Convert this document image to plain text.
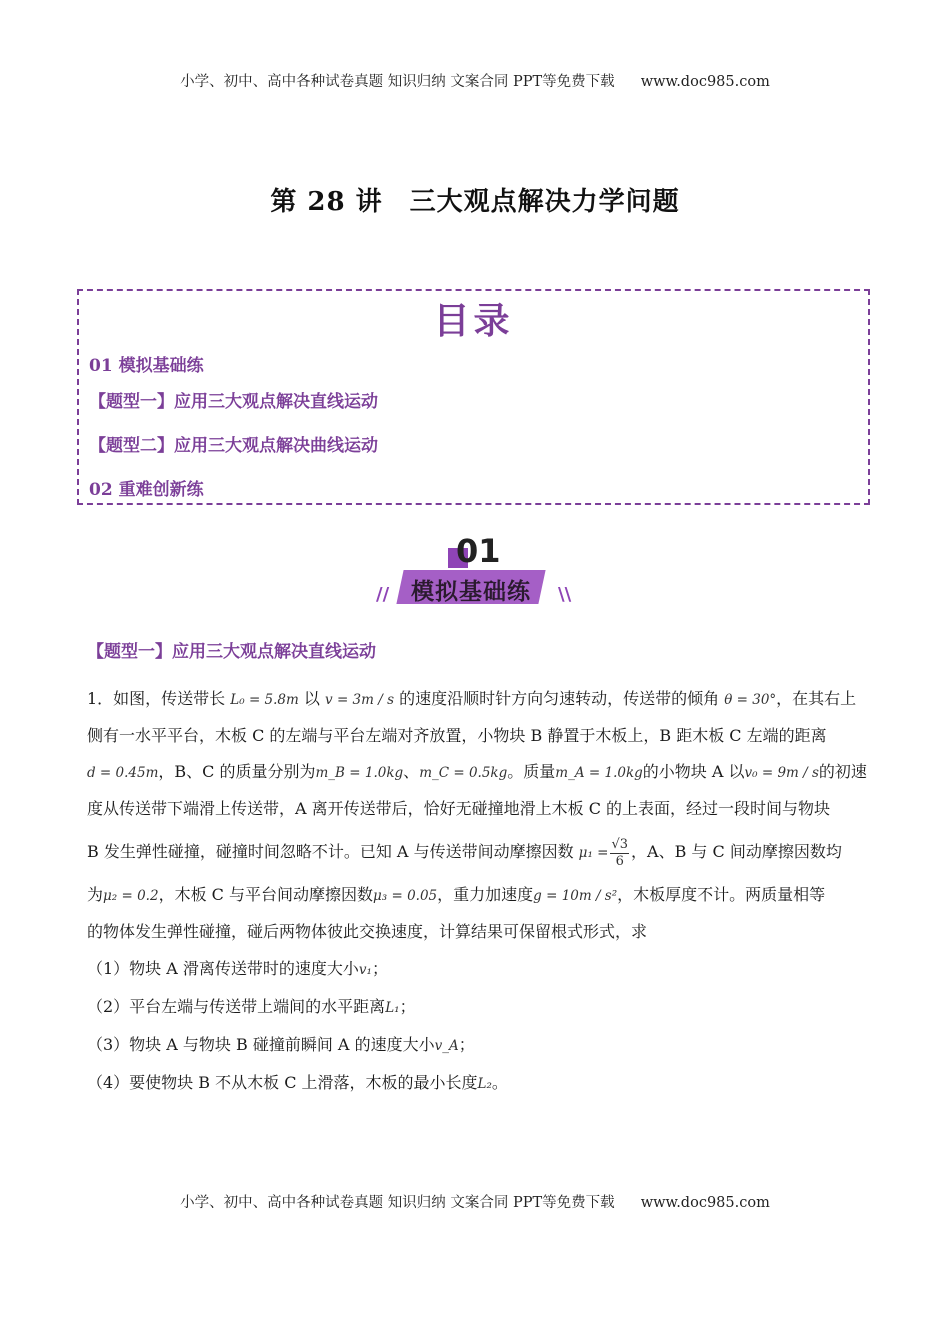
小学、初中、高中各种试卷真题 知识归纳 文案合同 PPT等免费下载 www.doc985.com
第 28 讲　三大观点解决力学问题
目录
01 模拟基础练
【题型一】应用三大观点解决直线运动
【题型二】应用三大观点解决曲线运动
02 重难创新练
01
模拟基础练
//	\\
【题型一】应用三大观点解决直线运动
1．如图，传送带长 L₀ = 5.8m 以 v = 3m / s 的速度沿顺时针方向匀速转动，传送带的倾角 θ = 30°，在其右上
侧有一水平平台，木板 C 的左端与平台左端对齐放置，小物块 B 静置于木板上，B 距木板 C 左端的距离
d = 0.45m，B、C 的质量分别为m_B = 1.0kg、m_C = 0.5kg。质量m_A = 1.0kg的小物块 A 以v₀ = 9m / s的初速
度从传送带下端滑上传送带，A 离开传送带后，恰好无碰撞地滑上木板 C 的上表面，经过一段时间与物块
B 发生弹性碰撞，碰撞时间忽略不计。已知 A 与传送带间动摩擦因数 $\mu_1 = \frac{√3}{6}$ ，A、B 与 C 间动摩擦因数均
为μ₂ = 0.2，木板 C 与平台间动摩擦因数μ₃ = 0.05，重力加速度g = 10m / s²，木板厚度不计。两质量相等
的物体发生弹性碰撞，碰后两物体彼此交换速度，计算结果可保留根式形式，求
（1）物块 A 滑离传送带时的速度大小v₁；
（2）平台左端与传送带上端间的水平距离L₁；
（3）物块 A 与物块 B 碰撞前瞬间 A 的速度大小v_A；
（4）要使物块 B 不从木板 C 上滑落，木板的最小长度L₂。
小学、初中、高中各种试卷真题 知识归纳 文案合同 PPT等免费下载 www.doc985.com
